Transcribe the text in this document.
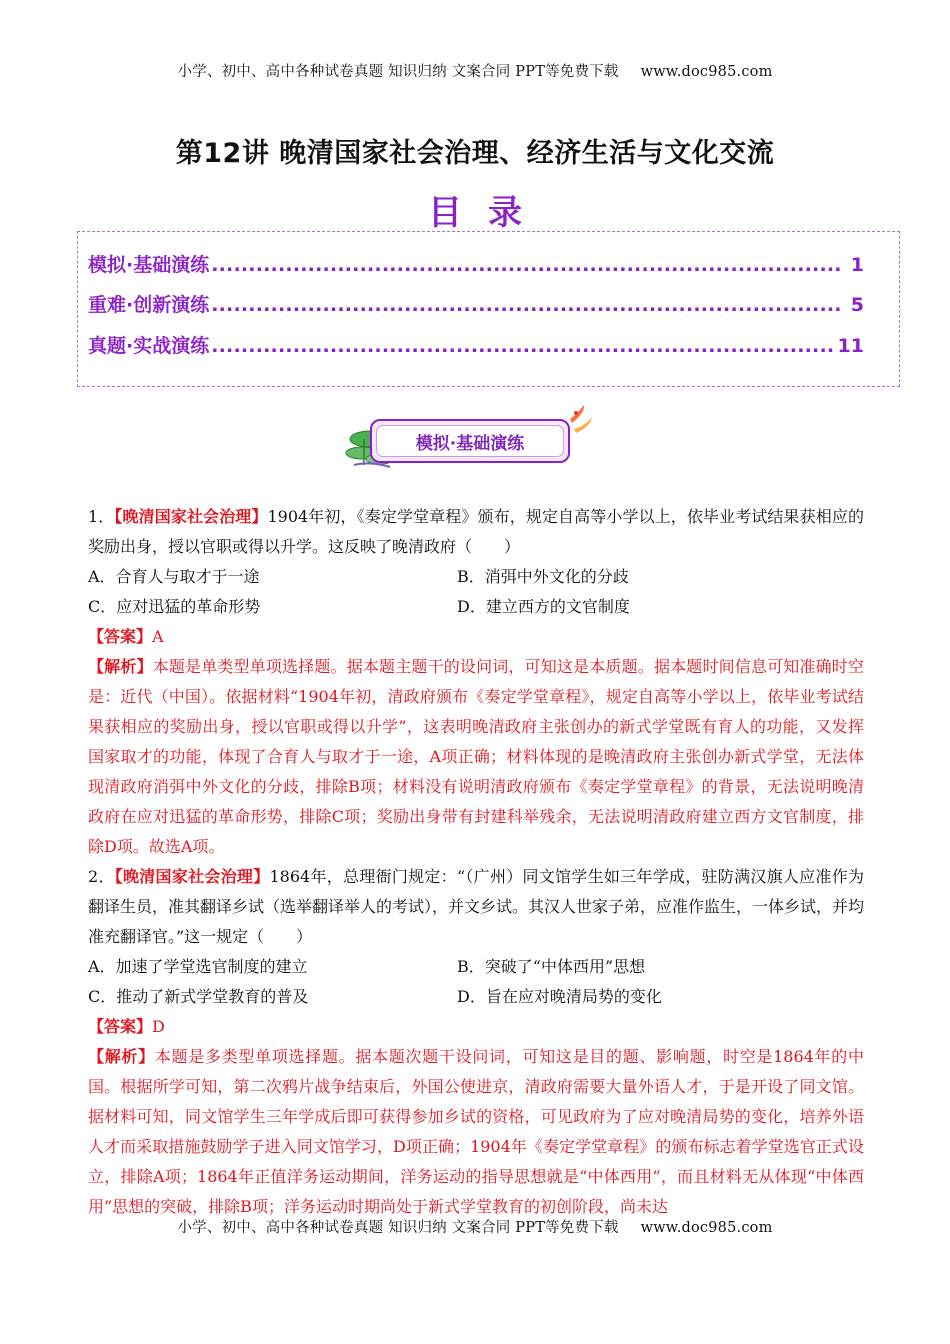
小学、初中、高中各种试卷真题 知识归纳 文案合同 PPT等免费下载 www.doc985.com
第12讲 晚清国家社会治理、经济生活与文化交流
目 录
模拟·基础演练 .....	1
重难·创新演练 .....	5
真题·实战演练 .....	11
模拟·基础演练

1．【晚清国家社会治理】1904年初，《奏定学堂章程》颁布，规定自高等小学以上，依毕业考试结果获相应的奖励出身，授以官职或得以升学。这反映了晚清政府（　　）

A．合育人与取才于一途	B．消弭中外文化的分歧

C．应对迅猛的革命形势	D．建立西方的文官制度

【答案】A

【解析】本题是单类型单项选择题。据本题主题干的设问词，可知这是本质题。据本题时间信息可知准确时空是：近代（中国）。依据材料“1904年初，清政府颁布《奏定学堂章程》，规定自高等小学以上，依毕业考试结果获相应的奖励出身，授以官职或得以升学”，这表明晚清政府主张创办的新式学堂既有育人的功能，又发挥国家取才的功能，体现了合育人与取才于一途，A项正确；材料体现的是晚清政府主张创办新式学堂，无法体现清政府消弭中外文化的分歧，排除B项；材料没有说明清政府颁布《奏定学堂章程》的背景，无法说明晚清政府在应对迅猛的革命形势，排除C项；奖励出身带有封建科举残余，无法说明清政府建立西方文官制度，排除D项。故选A项。

2．【晚清国家社会治理】1864年，总理衙门规定：“（广州）同文馆学生如三年学成，驻防满汉旗人应准作为翻译生员，准其翻译乡试（选举翻译举人的考试），并文乡试。其汉人世家子弟，应准作监生，一体乡试，并均准充翻译官。”这一规定（　　）

A．加速了学堂选官制度的建立	B．突破了“中体西用”思想

C．推动了新式学堂教育的普及	D．旨在应对晚清局势的变化

【答案】D

【解析】本题是多类型单项选择题。据本题次题干设问词，可知这是目的题、影响题，时空是1864年的中国。根据所学可知，第二次鸦片战争结束后，外国公使进京，清政府需要大量外语人才，于是开设了同文馆。据材料可知，同文馆学生三年学成后即可获得参加乡试的资格，可见政府为了应对晚清局势的变化，培养外语人才而采取措施鼓励学子进入同文馆学习，D项正确；1904年《奏定学堂章程》的颁布标志着学堂选官正式设立，排除A项；1864年正值洋务运动期间，洋务运动的指导思想就是“中体西用”，而且材料无从体现“中体西用”思想的突破，排除B项；洋务运动时期尚处于新式学堂教育的初创阶段，尚未达

小学、初中、高中各种试卷真题 知识归纳 文案合同 PPT等免费下载 www.doc985.com
